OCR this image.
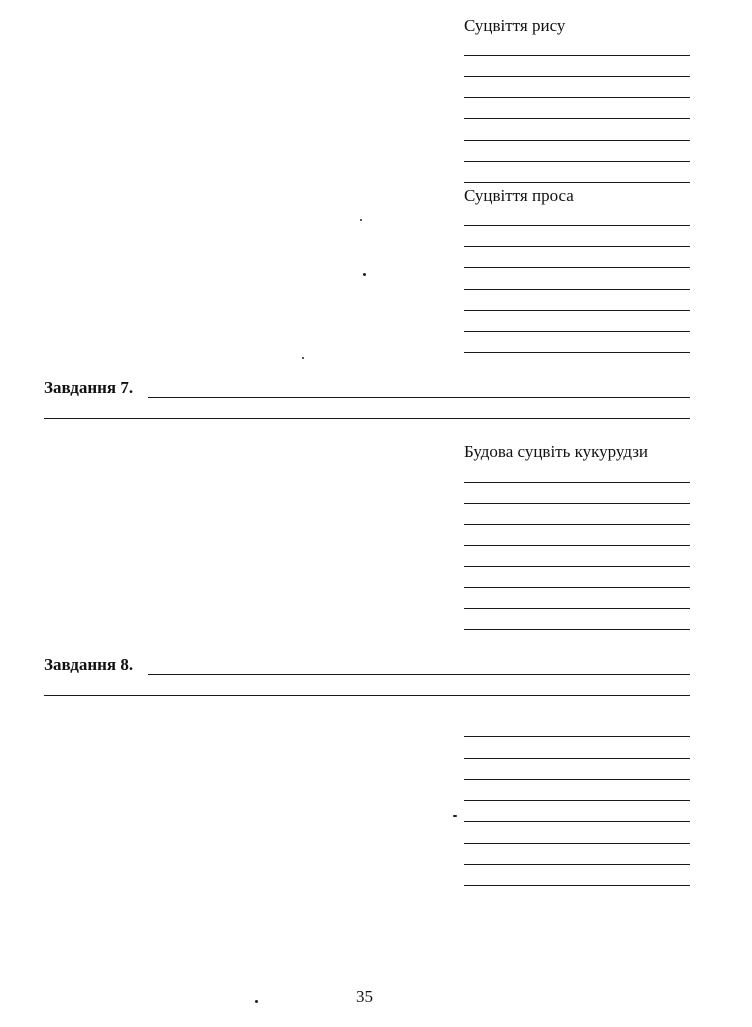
Суцвіття рису

Суцвіття проса

Завдання 7.

Будова суцвіть кукурудзи

Завдання 8.
35
